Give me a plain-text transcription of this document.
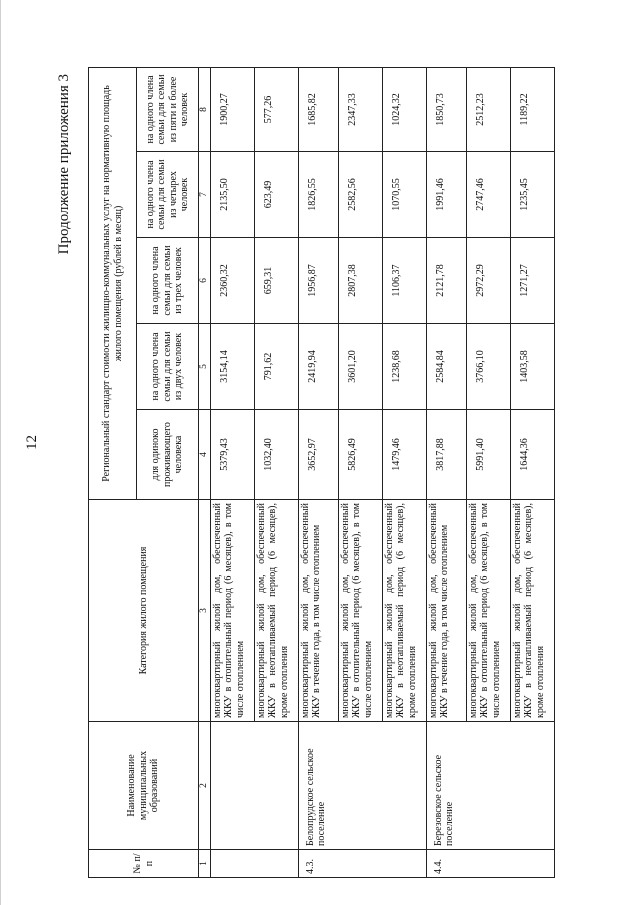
12
Продолжение приложения 3
№ п/п	Наименование муниципальных образований	Категория жилого помещения	Региональный стандарт стоимости жилищно-коммунальных услуг на нормативную площадь жилого помещения (рублей в месяц)				
			для одиноко проживающего человека	на одного члена семьи для семьи из двух человек	на одного члена семьи для семьи из трех человек	на одного члена семьи для семьи из четырех человек	на одного члена семьи для семьи из пяти и более человек
1	2	3	4	5	6	7	8
		многоквартирный жилой дом, обеспеченный ЖКУ в отопительный период (6 месяцев), в том числе отоплением	5379,43	3154,14	2360,32	2135,50	1900,27
		многоквартирный жилой дом, обеспеченный ЖКУ в неотапливаемый период (6 месяцев), кроме отопления	1032,40	791,62	659,31	623,49	577,26
4.3.	Белопрудское сельское поселение	многоквартирный жилой дом, обеспеченный ЖКУ в течение года, в том числе отоплением	3652,97	2419,94	1956,87	1826,55	1685,82
		многоквартирный жилой дом, обеспеченный ЖКУ в отопительный период (6 месяцев), в том числе отоплением	5826,49	3601,20	2807,38	2582,56	2347,33
		многоквартирный жилой дом, обеспеченный ЖКУ в неотапливаемый период (6 месяцев), кроме отопления	1479,46	1238,68	1106,37	1070,55	1024,32
4.4.	Березовское сельское поселение	многоквартирный жилой дом, обеспеченный ЖКУ в течение года, в том числе отоплением	3817,88	2584,84	2121,78	1991,46	1850,73
		многоквартирный жилой дом, обеспеченный ЖКУ в отопительный период (6 месяцев), в том числе отоплением	5991,40	3766,10	2972,29	2747,46	2512,23
		многоквартирный жилой дом, обеспеченный ЖКУ в неотапливаемый период (6 месяцев), кроме отопления	1644,36	1403,58	1271,27	1235,45	1189,22
